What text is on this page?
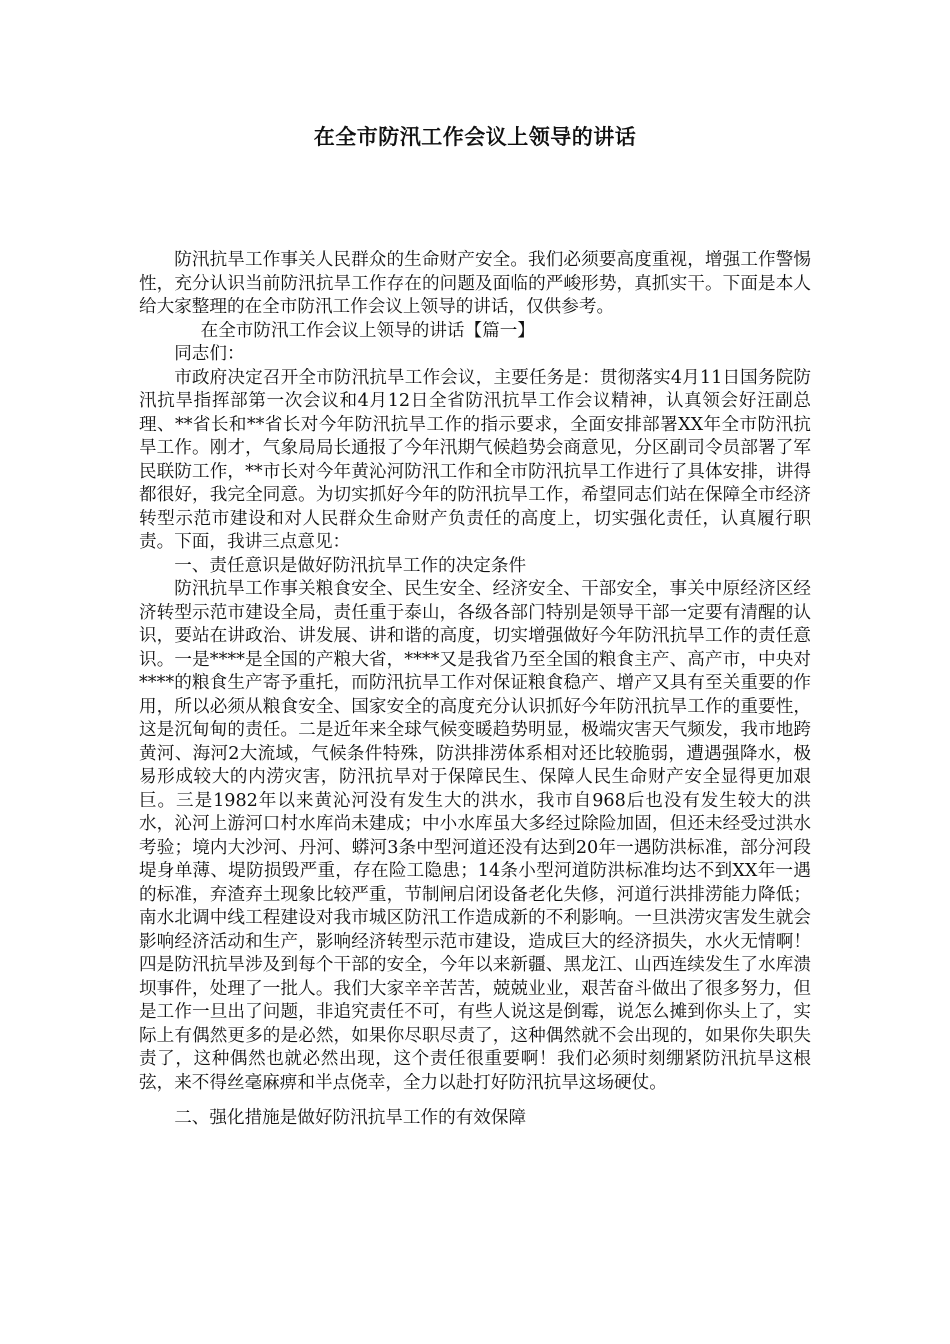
在全市防汛工作会议上领导的讲话

防汛抗旱工作事关人民群众的生命财产安全。我们必须要高度重视，增强工作警惕性，充分认识当前防汛抗旱工作存在的问题及面临的严峻形势，真抓实干。下面是本人给大家整理的在全市防汛工作会议上领导的讲话，仅供参考。

在全市防汛工作会议上领导的讲话【篇一】

同志们：

市政府决定召开全市防汛抗旱工作会议，主要任务是：贯彻落实4月11日国务院防汛抗旱指挥部第一次会议和4月12日全省防汛抗旱工作会议精神，认真领会好汪副总理、**省长和**省长对今年防汛抗旱工作的指示要求，全面安排部署XX年全市防汛抗旱工作。刚才，气象局局长通报了今年汛期气候趋势会商意见，分区副司令员部署了军民联防工作，**市长对今年黄沁河防汛工作和全市防汛抗旱工作进行了具体安排，讲得都很好，我完全同意。为切实抓好今年的防汛抗旱工作，希望同志们站在保障全市经济转型示范市建设和对人民群众生命财产负责任的高度上，切实强化责任，认真履行职责。下面，我讲三点意见：

一、责任意识是做好防汛抗旱工作的决定条件

防汛抗旱工作事关粮食安全、民生安全、经济安全、干部安全，事关中原经济区经济转型示范市建设全局，责任重于泰山，各级各部门特别是领导干部一定要有清醒的认识，要站在讲政治、讲发展、讲和谐的高度，切实增强做好今年防汛抗旱工作的责任意识。一是****是全国的产粮大省，****又是我省乃至全国的粮食主产、高产市，中央对****的粮食生产寄予重托，而防汛抗旱工作对保证粮食稳产、增产又具有至关重要的作用，所以必须从粮食安全、国家安全的高度充分认识抓好今年防汛抗旱工作的重要性，这是沉甸甸的责任。二是近年来全球气候变暖趋势明显，极端灾害天气频发，我市地跨黄河、海河2大流域，气候条件特殊，防洪排涝体系相对还比较脆弱，遭遇强降水，极易形成较大的内涝灾害，防汛抗旱对于保障民生、保障人民生命财产安全显得更加艰巨。三是1982年以来黄沁河没有发生大的洪水，我市自968后也没有发生较大的洪水，沁河上游河口村水库尚未建成；中小水库虽大多经过除险加固，但还未经受过洪水考验；境内大沙河、丹河、蟒河3条中型河道还没有达到20年一遇防洪标准，部分河段堤身单薄、堤防损毁严重，存在险工隐患；14条小型河道防洪标准均达不到XX年一遇的标准，弃渣弃土现象比较严重，节制闸启闭设备老化失修，河道行洪排涝能力降低；南水北调中线工程建设对我市城区防汛工作造成新的不利影响。一旦洪涝灾害发生就会影响经济活动和生产，影响经济转型示范市建设，造成巨大的经济损失，水火无情啊！四是防汛抗旱涉及到每个干部的安全，今年以来新疆、黑龙江、山西连续发生了水库溃坝事件，处理了一批人。我们大家辛辛苦苦，兢兢业业，艰苦奋斗做出了很多努力，但是工作一旦出了问题，非追究责任不可，有些人说这是倒霉，说怎么摊到你头上了，实际上有偶然更多的是必然，如果你尽职尽责了，这种偶然就不会出现的，如果你失职失责了，这种偶然也就必然出现，这个责任很重要啊！我们必须时刻绷紧防汛抗旱这根弦，来不得丝毫麻痹和半点侥幸，全力以赴打好防汛抗旱这场硬仗。

二、强化措施是做好防汛抗旱工作的有效保障
